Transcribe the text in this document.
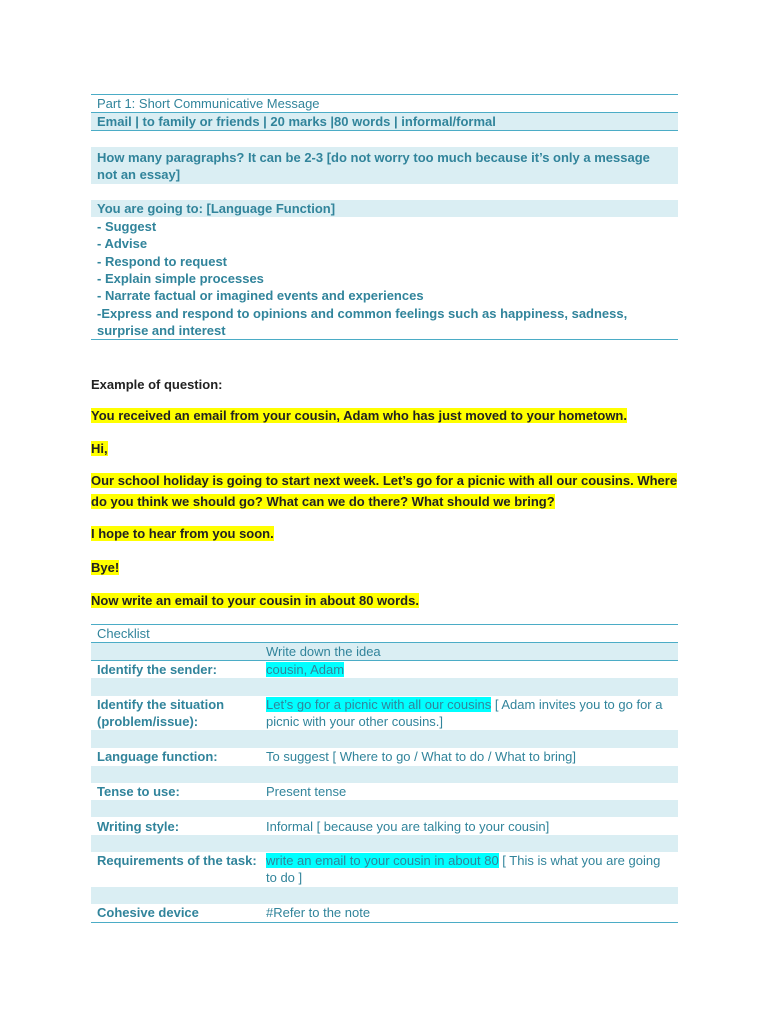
Part 1: Short Communicative Message

Email | to family or friends | 20 marks |80 words | informal/formal

How many paragraphs? It can be 2-3 [do not worry too much because it’s only a message not an essay]

You are going to: [Language Function]

- Suggest

- Advise

- Respond to request

- Explain simple processes

- Narrate factual or imagined events and experiences

-Express and respond to opinions and common feelings such as happiness, sadness, surprise and interest

Example of question:

You received an email from your cousin, Adam who has just moved to your hometown.

Hi,

Our school holiday is going to start next week. Let’s go for a picnic with all our cousins. Where do you think we should go? What can we do there? What should we bring?

I hope to hear from you soon.

Bye!

Now write an email to your cousin in about 80 words.

Checklist

Write down the idea

Identify the sender:	cousin, Adam

Identify the situation (problem/issue):

Let’s go for a picnic with all our cousins [ Adam invites you to go for a picnic with your other cousins.]

Language function:	To suggest [ Where to go / What to do / What to bring]

Tense to use:	Present tense

Writing style:	Informal [ because you are talking to your cousin]

Requirements of the task: write an email to your cousin in about 80 [ This is what you are going to do ]

Cohesive device	#Refer to the note
